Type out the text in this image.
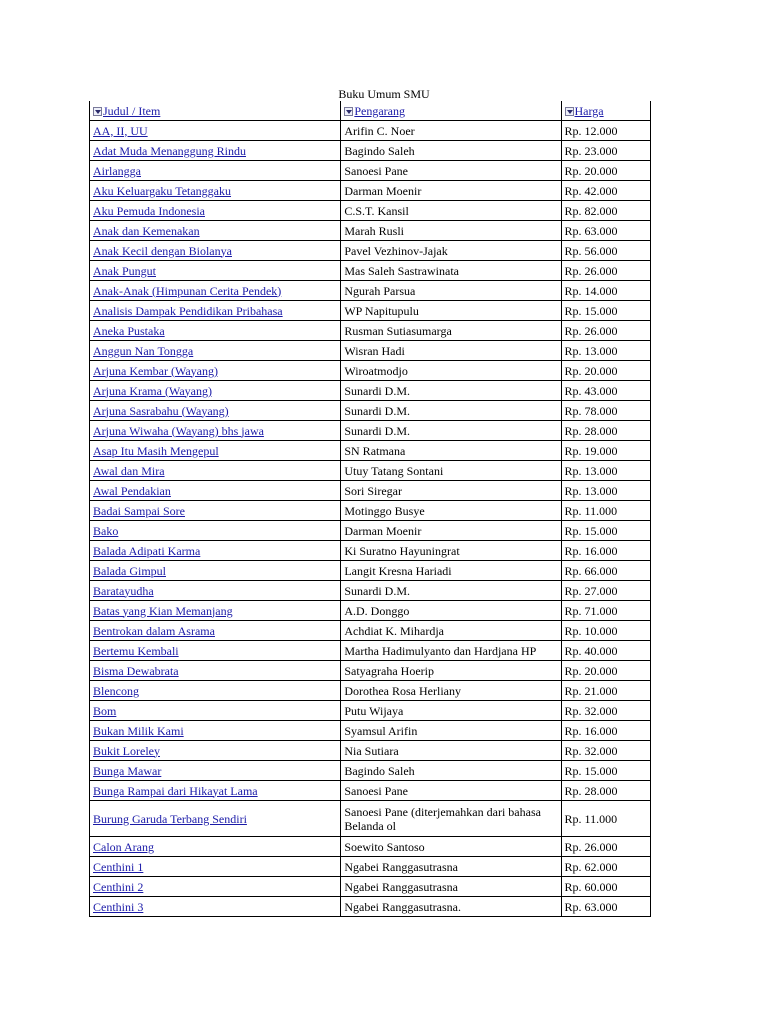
Buku Umum SMU
Judul / Item	Pengarang	Harga
AA, II, UU	Arifin C. Noer	Rp. 12.000
Adat Muda Menanggung Rindu	Bagindo Saleh	Rp. 23.000
Airlangga	Sanoesi Pane	Rp. 20.000
Aku Keluargaku Tetanggaku	Darman Moenir	Rp. 42.000
Aku Pemuda Indonesia	C.S.T. Kansil	Rp. 82.000
Anak dan Kemenakan	Marah Rusli	Rp. 63.000
Anak Kecil dengan Biolanya	Pavel Vezhinov-Jajak	Rp. 56.000
Anak Pungut	Mas Saleh Sastrawinata	Rp. 26.000
Anak-Anak (Himpunan Cerita Pendek)	Ngurah Parsua	Rp. 14.000
Analisis Dampak Pendidikan Pribahasa	WP Napitupulu	Rp. 15.000
Aneka Pustaka	Rusman Sutiasumarga	Rp. 26.000
Anggun Nan Tongga	Wisran Hadi	Rp. 13.000
Arjuna Kembar (Wayang)	Wiroatmodjo	Rp. 20.000
Arjuna Krama (Wayang)	Sunardi D.M.	Rp. 43.000
Arjuna Sasrabahu (Wayang)	Sunardi D.M.	Rp. 78.000
Arjuna Wiwaha (Wayang) bhs jawa	Sunardi D.M.	Rp. 28.000
Asap Itu Masih Mengepul	SN Ratmana	Rp. 19.000
Awal dan Mira	Utuy Tatang Sontani	Rp. 13.000
Awal Pendakian	Sori Siregar	Rp. 13.000
Badai Sampai Sore	Motinggo Busye	Rp. 11.000
Bako	Darman Moenir	Rp. 15.000
Balada Adipati Karma	Ki Suratno Hayuningrat	Rp. 16.000
Balada Gimpul	Langit Kresna Hariadi	Rp. 66.000
Baratayudha	Sunardi D.M.	Rp. 27.000
Batas yang Kian Memanjang	A.D. Donggo	Rp. 71.000
Bentrokan dalam Asrama	Achdiat K. Mihardja	Rp. 10.000
Bertemu Kembali	Martha Hadimulyanto dan Hardjana HP	Rp. 40.000
Bisma Dewabrata	Satyagraha Hoerip	Rp. 20.000
Blencong	Dorothea Rosa Herliany	Rp. 21.000
Bom	Putu Wijaya	Rp. 32.000
Bukan Milik Kami	Syamsul Arifin	Rp. 16.000
Bukit Loreley	Nia Sutiara	Rp. 32.000
Bunga Mawar	Bagindo Saleh	Rp. 15.000
Bunga Rampai dari Hikayat Lama	Sanoesi Pane	Rp. 28.000
Burung Garuda Terbang Sendiri	Sanoesi Pane (diterjemahkan dari bahasa Belanda ol	Rp. 11.000
Calon Arang	Soewito Santoso	Rp. 26.000
Centhini 1	Ngabei Ranggasutrasna	Rp. 62.000
Centhini 2	Ngabei Ranggasutrasna	Rp. 60.000
Centhini 3	Ngabei Ranggasutrasna.	Rp. 63.000
